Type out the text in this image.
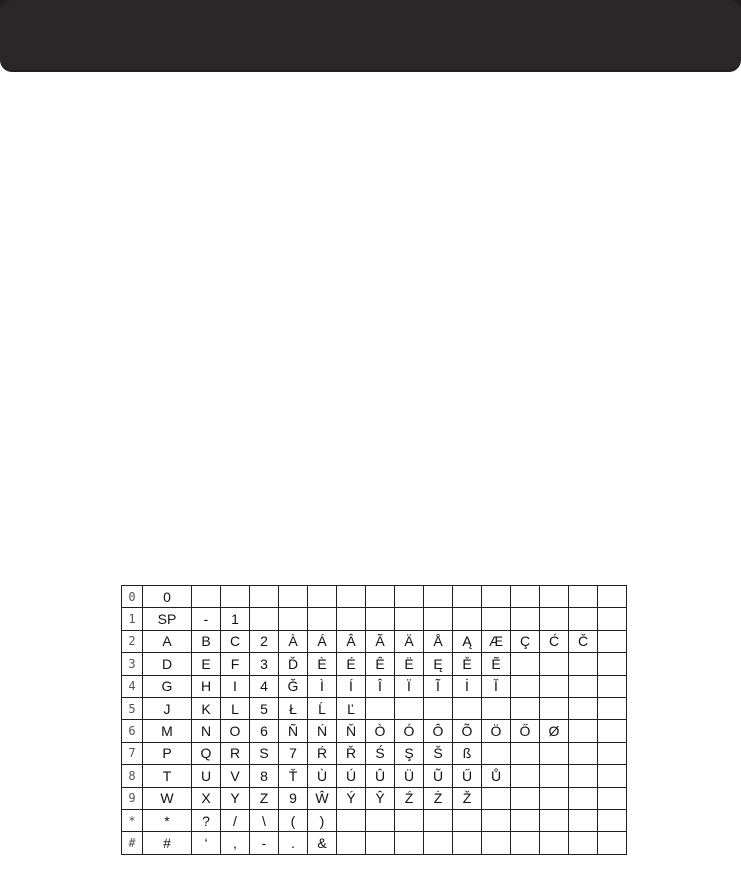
0	0															
1	SP	-	1													
2	A	B	C	2	À	Á	Â	Ã	Ä	Å	Ą	Æ	Ç	Ć	Č	
3	D	E	F	3	Ď	È	É	Ê	Ë	Ę	Ě	Ẽ				
4	G	H	I	4	Ğ	Ì	Í	Î	Ï	Ĩ	İ	Ĭ				
5	J	K	L	5	Ł	Ĺ	Ľ									
6	M	N	O	6	Ñ	Ń	Ň	Ò	Ó	Ô	Õ	Ö	Ő	Ø		
7	P	Q	R	S	7	Ŕ	Ř	Ś	Ş	Š	ß					
8	T	U	V	8	Ť	Ù	Ú	Û	Ü	Ũ	Ű	Ů				
9	W	X	Y	Z	9	Ŵ	Ý	Ŷ	Ź	Ż	Ž					
*	*	?	/	\	(	)										
#	#	‘	,	-	.	&										
